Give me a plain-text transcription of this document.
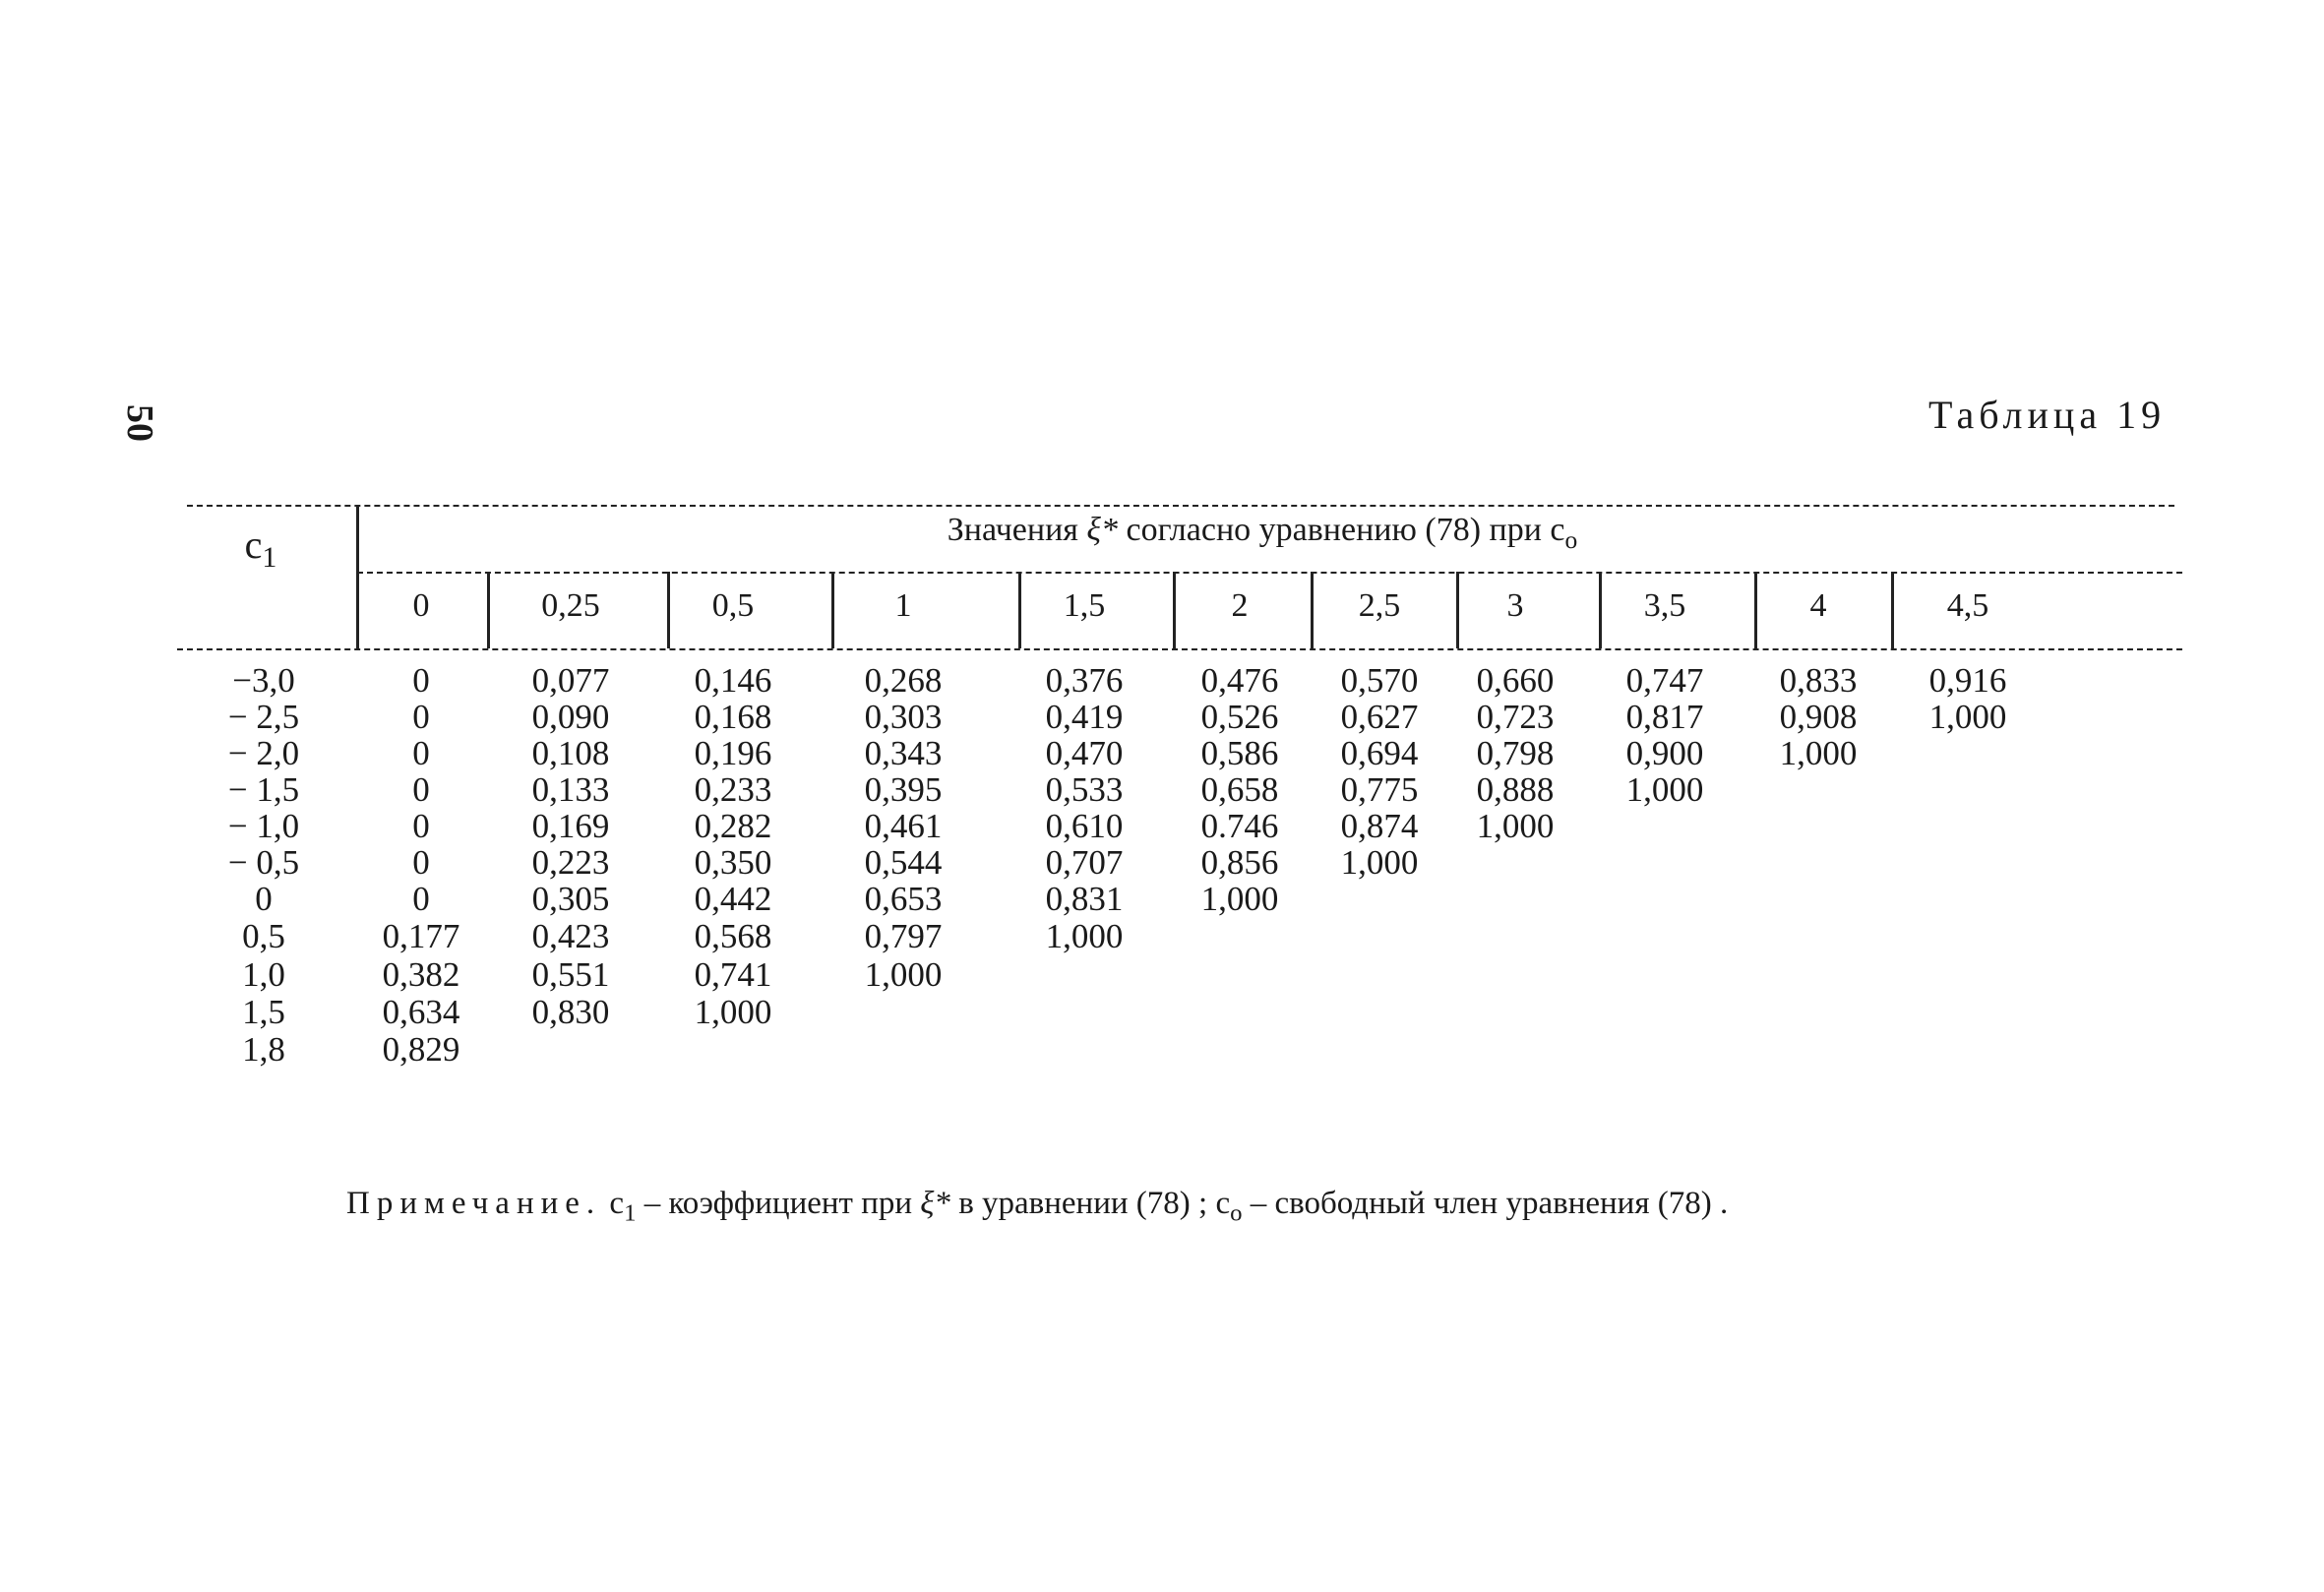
50	Таблица 19
$c_1$
Значения ξ* согласно уравнению (78) при $c_o$
0	0,25	0,5	1	1,5	2	2,5	3	3,5	4	4,5
−3,0	0	0,077 0,146	0,268	0,376 0,476 0,570 0,660 0,747 0,833 0,916
− 2,5	0	0,090 0,168	0,303	0,419 0,526 0,627 0,723 0,817 0,908 1,000
− 2,0	0	0,108 0,196	0,343	0,470 0,586 0,694 0,798 0,900 1,000
− 1,5	0	0,133 0,233	0,395	0,533 0,658 0,775 0,888 1,000
− 1,0	0	0,169 0,282	0,461	0,610 0.746 0,874 1,000
− 0,5	0	0,223 0,350	0,544	0,707 0,856 1,000
0	0	0,305 0,442	0,653	0,831 1,000
0,5	0,177 0,423 0,568	0,797	1,000
1,0	0,382 0,551 0,741	1,000
1,5	0,634 0,830 1,000
1,8	0,829
Примечание. $c_1$ – коэффициент при ξ* в уравнении (78) ; $c_o$ – свободный член уравнения (78) .
